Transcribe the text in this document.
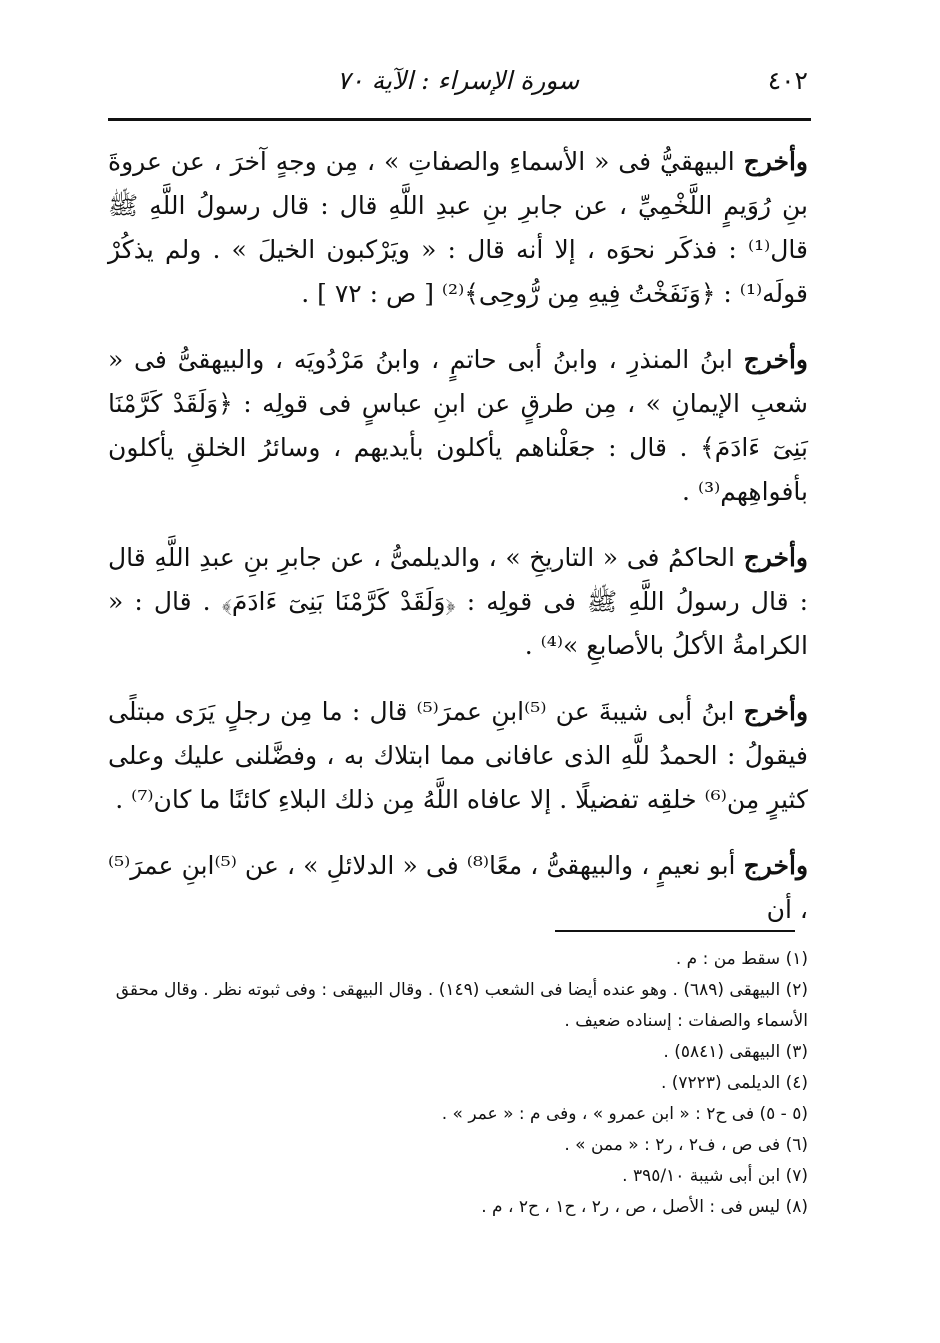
٤٠٢
سورة الإسراء : الآية ٧٠

وأخرج البيهقيُّ فى « الأسماءِ والصفاتِ » ، مِن وجهٍ آخرَ ، عن عروةَ بنِ رُوَيمٍ اللَّخْمِيِّ ، عن جابرِ بنِ عبدِ اللَّهِ قال : قال رسولُ اللَّهِ ﷺ قال⁽¹⁾ : فذكَر نحوَه ، إلا أنه قال : « ويَرْكبون الخيلَ » . ولم يذكُرْ قولَه⁽¹⁾ : ﴿وَنَفَخْتُ فِيهِ مِن رُّوحِى﴾⁽²⁾ [ ص : ٧٢ ] .

وأخرج ابنُ المنذرِ ، وابنُ أبى حاتمٍ ، وابنُ مَرْدُويَه ، والبيهقىُّ فى « شعبِ الإيمانِ » ، مِن طرقٍ عن ابنِ عباسٍ فى قولِه : ﴿وَلَقَدْ كَرَّمْنَا بَنِىٓ ءَادَمَ﴾ . قال : جعَلْناهم يأكلون بأيديهم ، وسائرُ الخلقِ يأكلون بأفواهِهم⁽³⁾ .

وأخرج الحاكمُ فى « التاريخِ » ، والديلمىُّ ، عن جابرِ بنِ عبدِ اللَّهِ قال : قال رسولُ اللَّهِ ﷺ فى قولِه : ﴿وَلَقَدْ كَرَّمْنَا بَنِىٓ ءَادَمَ﴾ . قال : « الكرامةُ الأكلُ بالأصابعِ »⁽⁴⁾ .

وأخرج ابنُ أبى شيبةَ عن ⁽⁵⁾ابنِ عمرَ⁽⁵⁾ قال : ما مِن رجلٍ يَرَى مبتلًى فيقولُ : الحمدُ للَّهِ الذى عافانى مما ابتلاك به ، وفضَّلنى عليك وعلى كثيرٍ مِن⁽⁶⁾ خلقِه تفضيلًا . إلا عافاه اللَّهُ مِن ذلك البلاءِ كائنًا ما كان⁽⁷⁾ .

وأخرج أبو نعيمٍ ، والبيهقىُّ ، معًا⁽⁸⁾ فى « الدلائلِ » ، عن ⁽⁵⁾ابنِ عمرَ⁽⁵⁾ ، أن

(١) سقط من : م .

(٢) البيهقى (٦٨٩) . وهو عنده أيضا فى الشعب (١٤٩) . وقال البيهقى : وفى ثبوته نظر . وقال محقق الأسماء والصفات : إسناده ضعيف .

(٣) البيهقى (٥٨٤١) .

(٤) الديلمى (٧٢٢٣) .

(٥ - ٥) فى ح٢ : « ابن عمرو » ، وفى م : « عمر » .

(٦) فى ص ، ف٢ ، ر٢ : « ممن » .

(٧) ابن أبى شيبة ٣٩٥/١٠ .

(٨) ليس فى : الأصل ، ص ، ر٢ ، ح١ ، ح٢ ، م .
